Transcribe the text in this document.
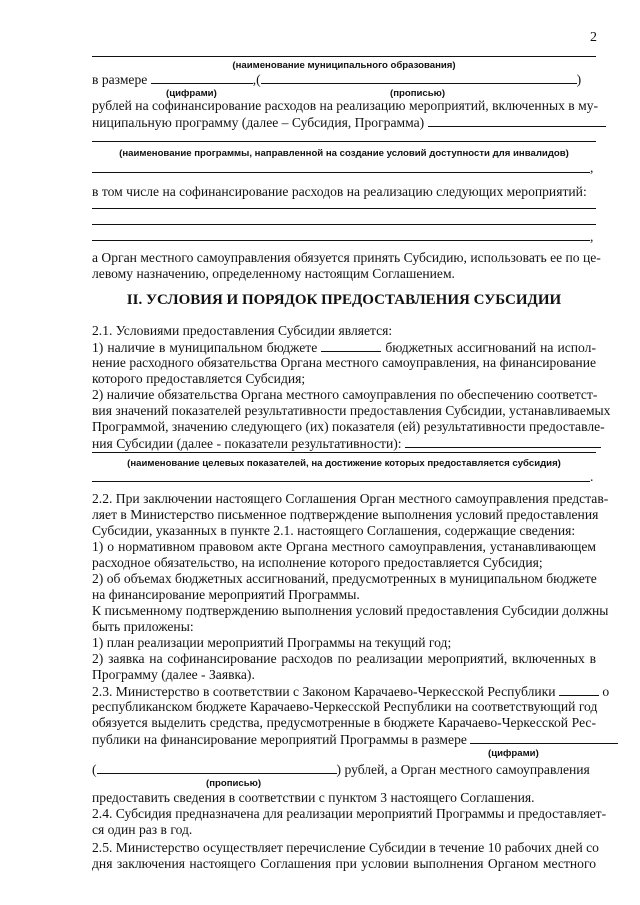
2
(наименование муниципального образования)
в размере	,(	)
(цифрами)	(прописью)
рублей на софинансирование расходов на реализацию мероприятий, включенных в му-
ниципальную программу (далее – Субсидия, Программа)
(наименование программы, направленной на создание условий доступности для инвалидов)
,
в том числе на софинансирование расходов на реализацию следующих мероприятий:
,
а Орган местного самоуправления обязуется принять Субсидию, использовать ее по це-
левому назначению, определенному настоящим Соглашением.
II. УСЛОВИЯ И ПОРЯДОК ПРЕДОСТАВЛЕНИЯ СУБСИДИИ
2.1. Условиями предоставления Субсидии является:
1) наличие в муниципальном бюджете	бюджетных ассигнований на испол-
нение расходного обязательства Органа местного самоуправления, на финансирование
которого предоставляется Субсидия;
2) наличие обязательства Органа местного самоуправления по обеспечению соответст-
вия значений показателей результативности предоставления Субсидии, устанавливаемых
Программой, значению следующего (их) показателя (ей) результативности предоставле-
ния Субсидии (далее - показатели результативности):
(наименование целевых показателей, на достижение которых предоставляется субсидия)
.
2.2. При заключении настоящего Соглашения Орган местного самоуправления представ-
ляет в Министерство письменное подтверждение выполнения условий предоставления
Субсидии, указанных в пункте 2.1. настоящего Соглашения, содержащие сведения:
1) о нормативном правовом акте Органа местного самоуправления, устанавливающем
расходное обязательство, на исполнение которого предоставляется Субсидия;
2) об объемах бюджетных ассигнований, предусмотренных в муниципальном бюджете
на финансирование мероприятий Программы.
К письменному подтверждению выполнения условий предоставления Субсидии должны
быть приложены:
1) план реализации мероприятий Программы на текущий год;
2) заявка на софинансирование расходов по реализации мероприятий, включенных в
Программу (далее - Заявка).
2.3. Министерство в соответствии с Законом Карачаево-Черкесской Республики	о
республиканском бюджете Карачаево-Черкесской Республики на соответствующий год
обязуется выделить средства, предусмотренные в бюджете Карачаево-Черкесской Рес-
публики на финансирование мероприятий Программы в размере
(цифрами)
(	) рублей, а Орган местного самоуправления
(прописью)
предоставить сведения в соответствии с пунктом 3 настоящего Соглашения.
2.4. Субсидия предназначена для реализации мероприятий Программы и предоставляет-
ся один раз в год.
2.5. Министерство осуществляет перечисление Субсидии в течение 10 рабочих дней со
дня заключения настоящего Соглашения при условии выполнения Органом местного
